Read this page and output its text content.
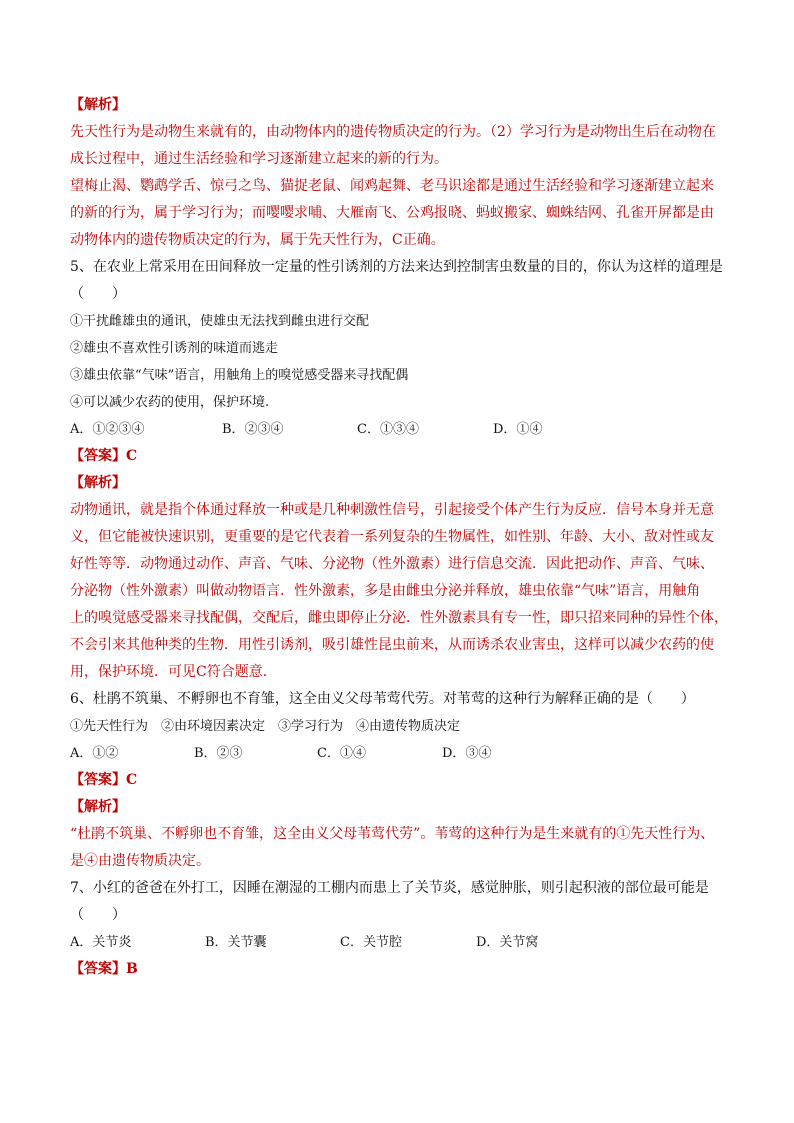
【解析】
先天性行为是动物生来就有的，由动物体内的遗传物质决定的行为。（2）学习行为是动物出生后在动物在
成长过程中，通过生活经验和学习逐渐建立起来的新的行为。
望梅止渴、鹦鹉学舌、惊弓之鸟、猫捉老鼠、闻鸡起舞、老马识途都是通过生活经验和学习逐渐建立起来
的新的行为，属于学习行为；而嘤嘤求哺、大雁南飞、公鸡报晓、蚂蚁搬家、蜘蛛结网、孔雀开屏都是由
动物体内的遗传物质决定的行为，属于先天性行为，C正确。
5、在农业上常采用在田间释放一定量的性引诱剂的方法来达到控制害虫数量的目的，你认为这样的道理是
（　　）
①干扰雌雄虫的通讯，使雄虫无法找到雌虫进行交配
②雄虫不喜欢性引诱剂的味道而逃走
③雄虫依靠“气味”语言，用触角上的嗅觉感受器来寻找配偶
④可以减少农药的使用，保护环境.
A．①②③④	B．②③④	C．①③④	D．①④
【答案】C
【解析】
动物通讯，就是指个体通过释放一种或是几种刺激性信号，引起接受个体产生行为反应．信号本身并无意
义，但它能被快速识别，更重要的是它代表着一系列复杂的生物属性，如性别、年龄、大小、敌对性或友
好性等等．动物通过动作、声音、气味、分泌物（性外激素）进行信息交流．因此把动作、声音、气味、
分泌物（性外激素）叫做动物语言．性外激素，多是由雌虫分泌并释放，雄虫依靠“气味”语言，用触角
上的嗅觉感受器来寻找配偶，交配后，雌虫即停止分泌．性外激素具有专一性，即只招来同种的异性个体，
不会引来其他种类的生物．用性引诱剂，吸引雄性昆虫前来，从而诱杀农业害虫，这样可以减少农药的使
用，保护环境．可见C符合题意．
6、杜鹃不筑巢、不孵卵也不育雏，这全由义父母苇莺代劳。对苇莺的这种行为解释正确的是（　　）
①先天性行为　②由环境因素决定　③学习行为　④由遗传物质决定
A．①②	B．②③	C．①④	D．③④
【答案】C
【解析】
“杜鹃不筑巢、不孵卵也不育雏，这全由义父母苇莺代劳”。苇莺的这种行为是生来就有的①先天性行为、
是④由遗传物质决定。
7、小红的爸爸在外打工，因睡在潮湿的工棚内而患上了关节炎，感觉肿胀，则引起积液的部位最可能是
（　　）
A．关节炎	B．关节囊	C．关节腔	D．关节窝
【答案】B
